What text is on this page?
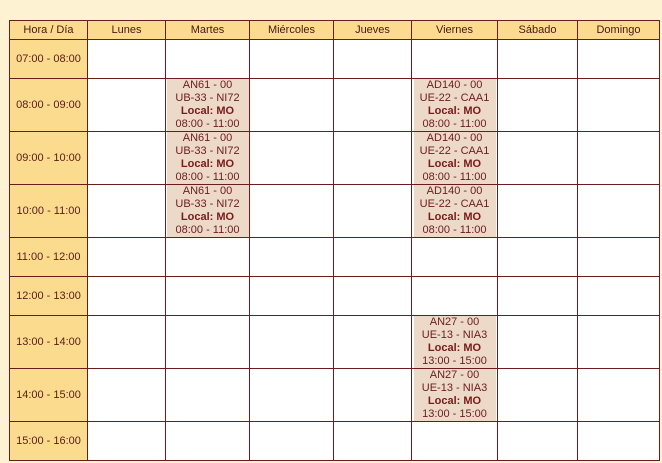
Hora / Día	Lunes	Martes	Miércoles	Jueves	Viernes	Sábado	Domingo
07:00 - 08:00							
08:00 - 09:00		AN61 - 00
UB-33 - NI72
Local: MO
08:00 - 11:00			AD140 - 00
UE-22 - CAA1
Local: MO
08:00 - 11:00		

09:00 - 10:00		AN61 - 00
UB-33 - NI72
Local: MO
08:00 - 11:00			AD140 - 00
UE-22 - CAA1
Local: MO
08:00 - 11:00		

10:00 - 11:00		AN61 - 00
UB-33 - NI72
Local: MO
08:00 - 11:00			AD140 - 00
UE-22 - CAA1
Local: MO
08:00 - 11:00		

11:00 - 12:00							
12:00 - 13:00							
13:00 - 14:00					AN27 - 00
UE-13 - NIA3
Local: MO
13:00 - 15:00		

14:00 - 15:00					AN27 - 00
UE-13 - NIA3
Local: MO
13:00 - 15:00		

15:00 - 16:00							
